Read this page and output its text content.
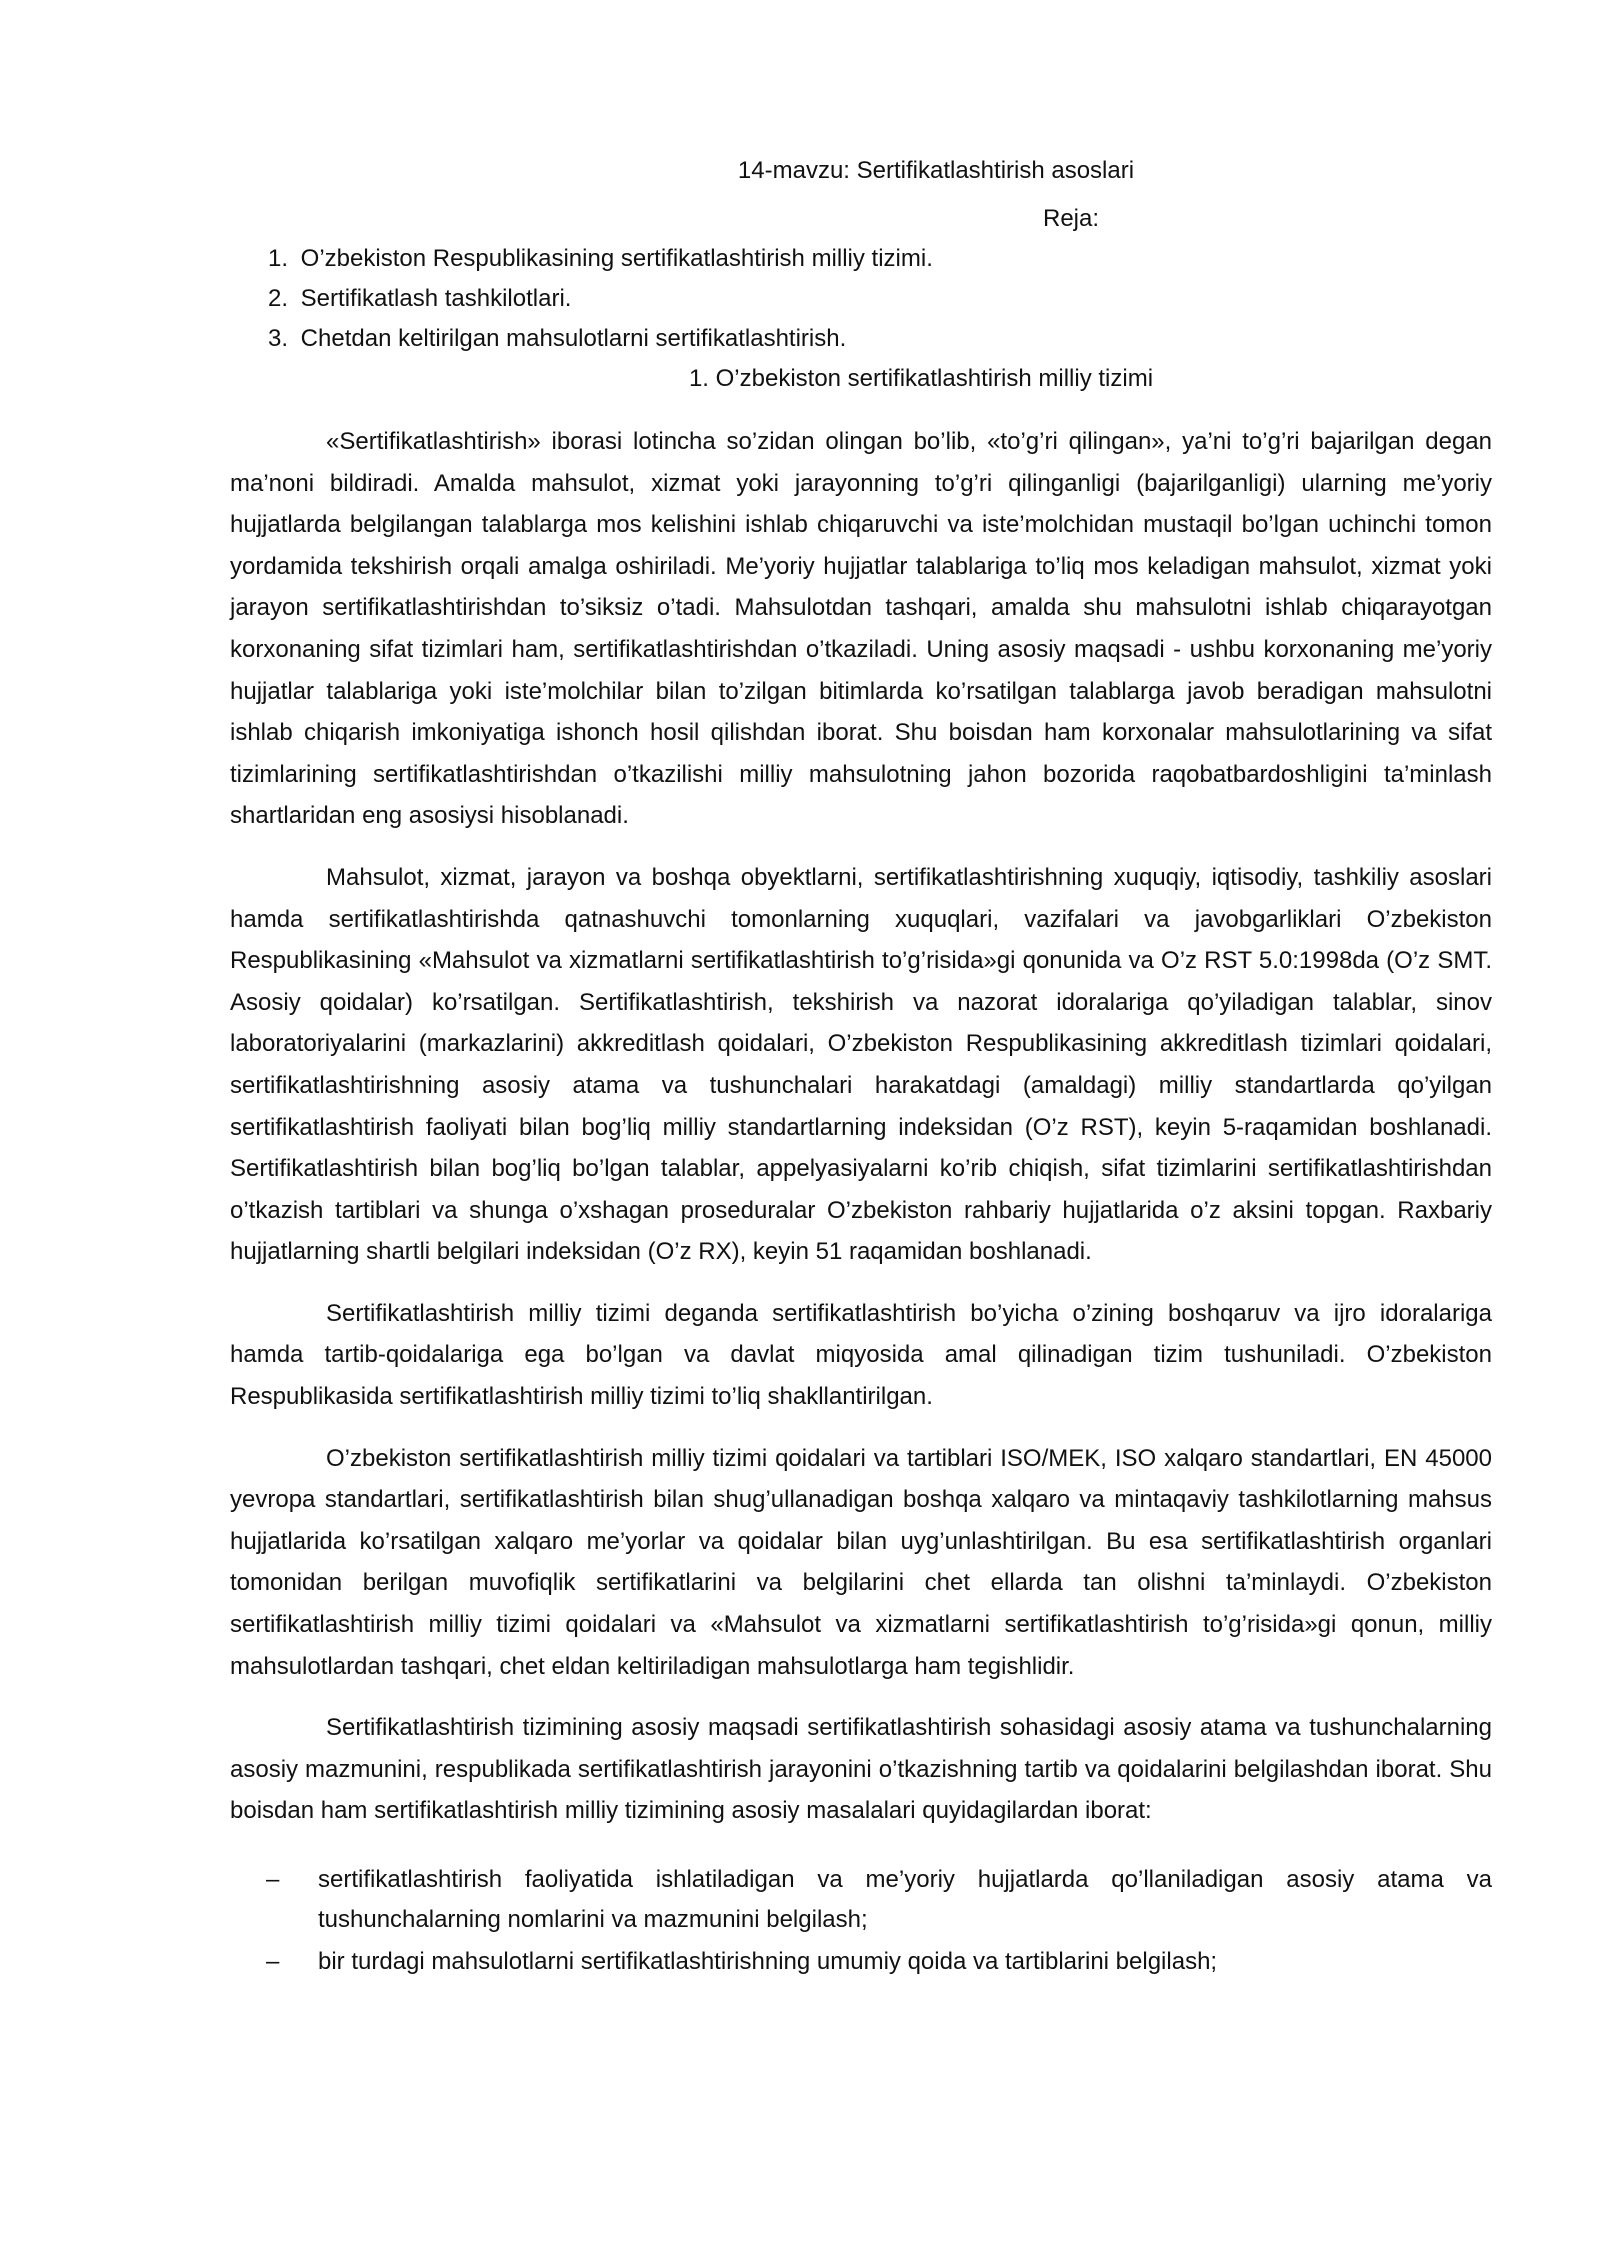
14-mavzu: Sertifikatlashtirish asoslari
Reja:
1. O’zbekiston Respublikasining sertifikatlashtirish milliy tizimi.
2. Sertifikatlash tashkilotlari.
3. Chetdan keltirilgan mahsulotlarni sertifikatlashtirish.
1. O’zbekiston sertifikatlashtirish milliy tizimi

«Sertifikatlashtirish» iborasi lotincha so’zidan olingan bo’lib, «to’g’ri qilingan», ya’ni to’g’ri bajarilgan degan ma’noni bildiradi. Amalda mahsulot, xizmat yoki jarayonning to’g’ri qilinganligi (bajarilganligi) ularning me’yoriy hujjatlarda belgilangan talablarga mos kelishini ishlab chiqaruvchi va iste’molchidan mustaqil bo’lgan uchinchi tomon yordamida tekshirish orqali amalga oshiriladi. Me’yoriy hujjatlar talablariga to’liq mos keladigan mahsulot, xizmat yoki jarayon sertifikatlashtirishdan to’siksiz o’tadi. Mahsulotdan tashqari, amalda shu mahsulotni ishlab chiqarayotgan korxonaning sifat tizimlari ham, sertifikatlashtirishdan o’tkaziladi. Uning asosiy maqsadi - ushbu korxonaning me’yoriy hujjatlar talablariga yoki iste’molchilar bilan to’zilgan bitimlarda ko’rsatilgan talablarga javob beradigan mahsulotni ishlab chiqarish imkoniyatiga ishonch hosil qilishdan iborat. Shu boisdan ham korxonalar mahsulotlarining va sifat tizimlarining sertifikatlashtirishdan o’tkazilishi milliy mahsulotning jahon bozorida raqobatbardoshligini ta’minlash shartlaridan eng asosiysi hisoblanadi.

Mahsulot, xizmat, jarayon va boshqa obyektlarni, sertifikatlashtirishning xuquqiy, iqtisodiy, tashkiliy asoslari hamda sertifikatlashtirishda qatnashuvchi tomonlarning xuquqlari, vazifalari va javobgarliklari O’zbekiston Respublikasining «Mahsulot va xizmatlarni sertifikatlashtirish to’g’risida»gi qonunida va O’z RST 5.0:1998da (O’z SMT. Asosiy qoidalar) ko’rsatilgan. Sertifikatlashtirish, tekshirish va nazorat idoralariga qo’yiladigan talablar, sinov laboratoriyalarini (markazlarini) akkreditlash qoidalari, O’zbekiston Respublikasining akkreditlash tizimlari qoidalari, sertifikatlashtirishning asosiy atama va tushunchalari harakatdagi (amaldagi) milliy standartlarda qo’yilgan sertifikatlashtirish faoliyati bilan bog’liq milliy standartlarning indeksidan (O’z RST), keyin 5-raqamidan boshlanadi. Sertifikatlashtirish bilan bog’liq bo’lgan talablar, appelyasiyalarni ko’rib chiqish, sifat tizimlarini sertifikatlashtirishdan o’tkazish tartiblari va shunga o’xshagan proseduralar O’zbekiston rahbariy hujjatlarida o’z aksini topgan. Raxbariy hujjatlarning shartli belgilari indeksidan (O’z RX), keyin 51 raqamidan boshlanadi.

Sertifikatlashtirish milliy tizimi deganda sertifikatlashtirish bo’yicha o’zining boshqaruv va ijro idoralariga hamda tartib-qoidalariga ega bo’lgan va davlat miqyosida amal qilinadigan tizim tushuniladi. O’zbekiston Respublikasida sertifikatlashtirish milliy tizimi to’liq shakllantirilgan.

O’zbekiston sertifikatlashtirish milliy tizimi qoidalari va tartiblari ISO/MEK, ISO xalqaro standartlari, EN 45000 yevropa standartlari, sertifikatlashtirish bilan shug’ullanadigan boshqa xalqaro va mintaqaviy tashkilotlarning mahsus hujjatlarida ko’rsatilgan xalqaro me’yorlar va qoidalar bilan uyg’unlashtirilgan. Bu esa sertifikatlashtirish organlari tomonidan berilgan muvofiqlik sertifikatlarini va belgilarini chet ellarda tan olishni ta’minlaydi. O’zbekiston sertifikatlashtirish milliy tizimi qoidalari va «Mahsulot va xizmatlarni sertifikatlashtirish to’g’risida»gi qonun, milliy mahsulotlardan tashqari, chet eldan keltiriladigan mahsulotlarga ham tegishlidir.

Sertifikatlashtirish tizimining asosiy maqsadi sertifikatlashtirish sohasidagi asosiy atama va tushunchalarning asosiy mazmunini, respublikada sertifikatlashtirish jarayonini o’tkazishning tartib va qoidalarini belgilashdan iborat. Shu boisdan ham sertifikatlashtirish milliy tizimining asosiy masalalari quyidagilardan iborat:

– sertifikatlashtirish faoliyatida ishlatiladigan va me’yoriy hujjatlarda qo’llaniladigan asosiy atama va tushunchalarning nomlarini va mazmunini belgilash;
– bir turdagi mahsulotlarni sertifikatlashtirishning umumiy qoida va tartiblarini belgilash;
